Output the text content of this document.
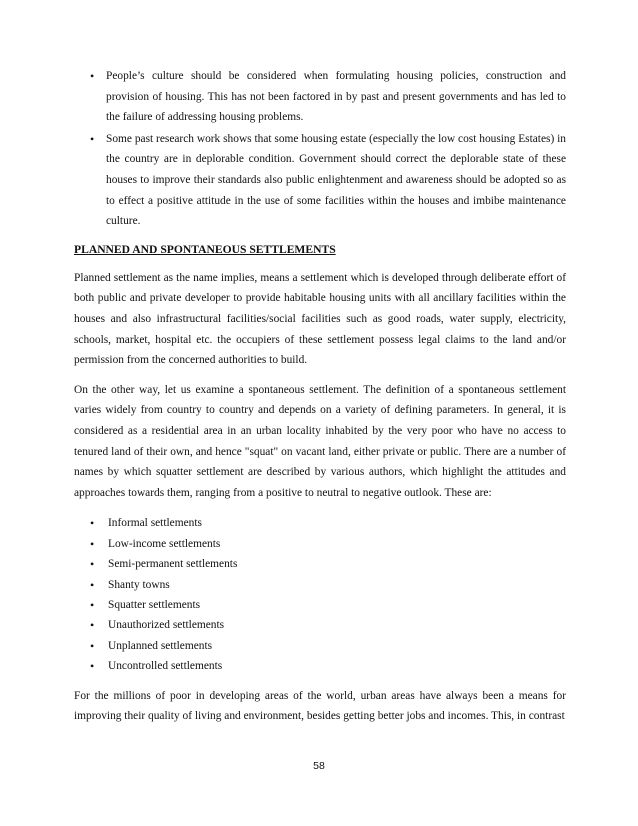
• People’s culture should be considered when formulating housing policies, construction and provision of housing. This has not been factored in by past and present governments and has led to the failure of addressing housing problems.
• Some past research work shows that some housing estate (especially the low cost housing Estates) in the country are in deplorable condition. Government should correct the deplorable state of these houses to improve their standards also public enlightenment and awareness should be adopted so as to effect a positive attitude in the use of some facilities within the houses and imbibe maintenance culture.
PLANNED AND SPONTANEOUS SETTLEMENTS

Planned settlement as the name implies, means a settlement which is developed through deliberate effort of both public and private developer to provide habitable housing units with all ancillary facilities within the houses and also infrastructural facilities/social facilities such as good roads, water supply, electricity, schools, market, hospital etc. the occupiers of these settlement possess legal claims to the land and/or permission from the concerned authorities to build.

On the other way, let us examine a spontaneous settlement. The definition of a spontaneous settlement varies widely from country to country and depends on a variety of defining parameters. In general, it is considered as a residential area in an urban locality inhabited by the very poor who have no access to tenured land of their own, and hence "squat" on vacant land, either private or public. There are a number of names by which squatter settlement are described by various authors, which highlight the attitudes and approaches towards them, ranging from a positive to neutral to negative outlook. These are:

• Informal settlements
• Low-income settlements
• Semi-permanent settlements
• Shanty towns
• Squatter settlements
• Unauthorized settlements
• Unplanned settlements
• Uncontrolled settlements

For the millions of poor in developing areas of the world, urban areas have always been a means for improving their quality of living and environment, besides getting better jobs and incomes. This, in contrast

58
